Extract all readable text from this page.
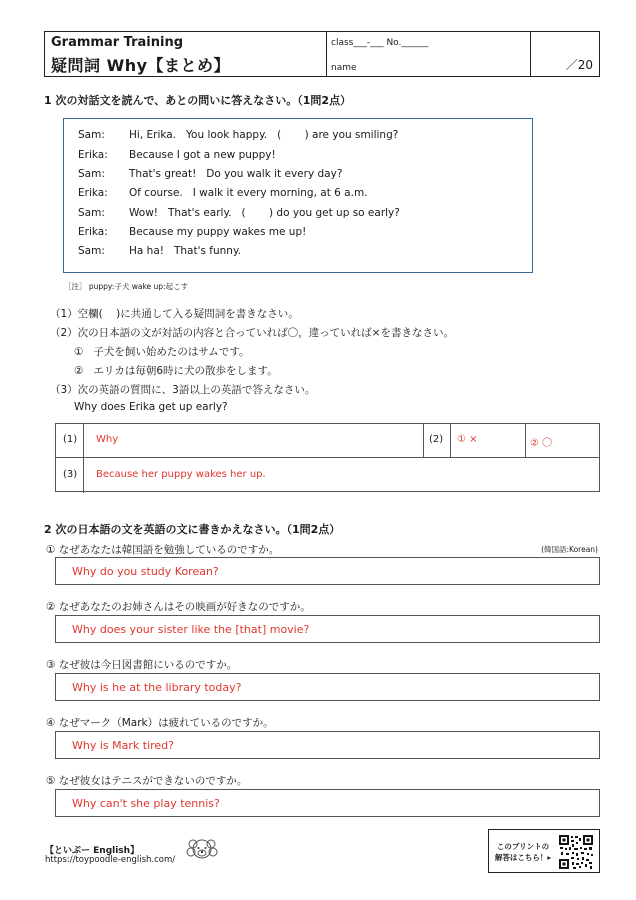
Grammar Training
疑問詞 Why【まとめ】
class___-___ No.______
name	／20
1 次の対話文を読んで、あとの問いに答えなさい。（1問2点）
Sam: Hi, Erika.   You look happy.   (       ) are you smiling?
Erika: Because I got a new puppy!
Sam: That's great!   Do you walk it every day?
Erika: Of course.   I walk it every morning, at 6 a.m.
Sam: Wow!   That's early.   (       ) do you get up so early?
Erika: Because my puppy wakes me up!
Sam: Ha ha!   That's funny.
［注］ puppy:子犬 wake up:起こす
（1）空欄(    )に共通して入る疑問詞を書きなさい。
（2）次の日本語の文が対話の内容と合っていれば〇，違っていれば×を書きなさい。
①   子犬を飼い始めたのはサムです。
②   エリカは毎朝6時に犬の散歩をします。
（3）次の英語の質問に、3語以上の英語で答えなさい。
Why does Erika get up early?
(1) Why	(2) ① ×	② 〇
(3) Because her puppy wakes her up.
2 次の日本語の文を英語の文に書きかえなさい。（1問2点）
① なぜあなたは韓国語を勉強しているのですか。	(韓国語:Korean)
Why do you study Korean?
② なぜあなたのお姉さんはその映画が好きなのですか。
Why does your sister like the [that] movie?
③ なぜ彼は今日図書館にいるのですか。
Why is he at the library today?
④ なぜマーク（Mark）は疲れているのですか。
Why is Mark tired?
⑤ なぜ彼女はテニスができないのですか。
Why can't she play tennis?
【といぷー English】
https://toypoodle-english.com/
このプリントの 解答はこちら！▸
